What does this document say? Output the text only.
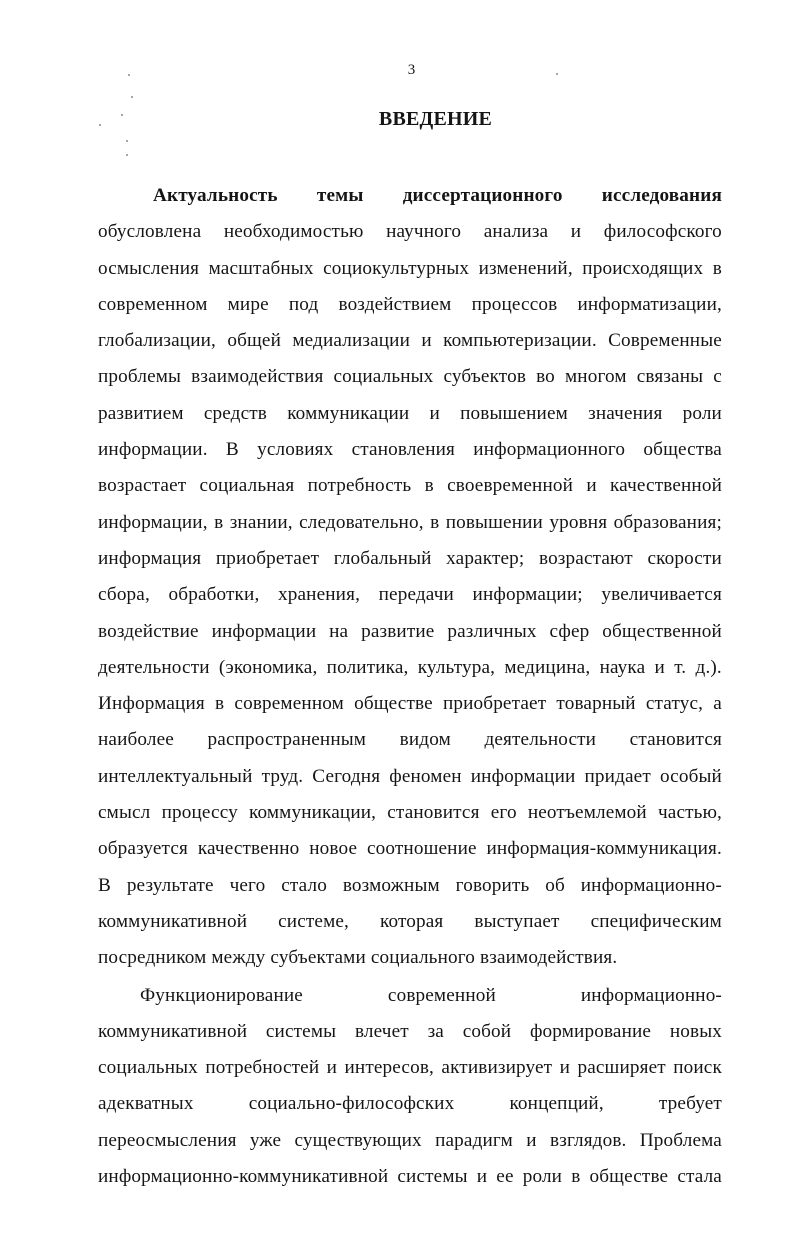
3
ВВЕДЕНИЕ
Актуальность темы диссертационного исследования
обусловлена необходимостью научного анализа и философского
осмысления масштабных социокультурных изменений, происходящих в
современном мире под воздействием процессов информатизации,
глобализации, общей медиализации и компьютеризации. Современные
проблемы взаимодействия социальных субъектов во многом связаны с
развитием средств коммуникации и повышением значения роли
информации. В условиях становления информационного общества
возрастает социальная потребность в своевременной и качественной
информации, в знании, следовательно, в повышении уровня образования;
информация приобретает глобальный характер; возрастают скорости
сбора, обработки, хранения, передачи информации; увеличивается
воздействие информации на развитие различных сфер общественной
деятельности (экономика, политика, культура, медицина, наука и т. д.).
Информация в современном обществе приобретает товарный статус, а
наиболее распространенным видом деятельности становится
интеллектуальный труд. Сегодня феномен информации придает особый
смысл процессу коммуникации, становится его неотъемлемой частью,
образуется качественно новое соотношение информация-коммуникация.
В результате чего стало возможным говорить об информационно-
коммуникативной системе, которая выступает специфическим
посредником между субъектами социального взаимодействия.
Функционирование	современной	информационно-
коммуникативной системы влечет за собой формирование новых
социальных потребностей и интересов, активизирует и расширяет поиск
адекватных	социально-философских	концепций,	требует
переосмысления уже существующих парадигм и взглядов. Проблема
информационно-коммуникативной системы и ее роли в обществе стала
